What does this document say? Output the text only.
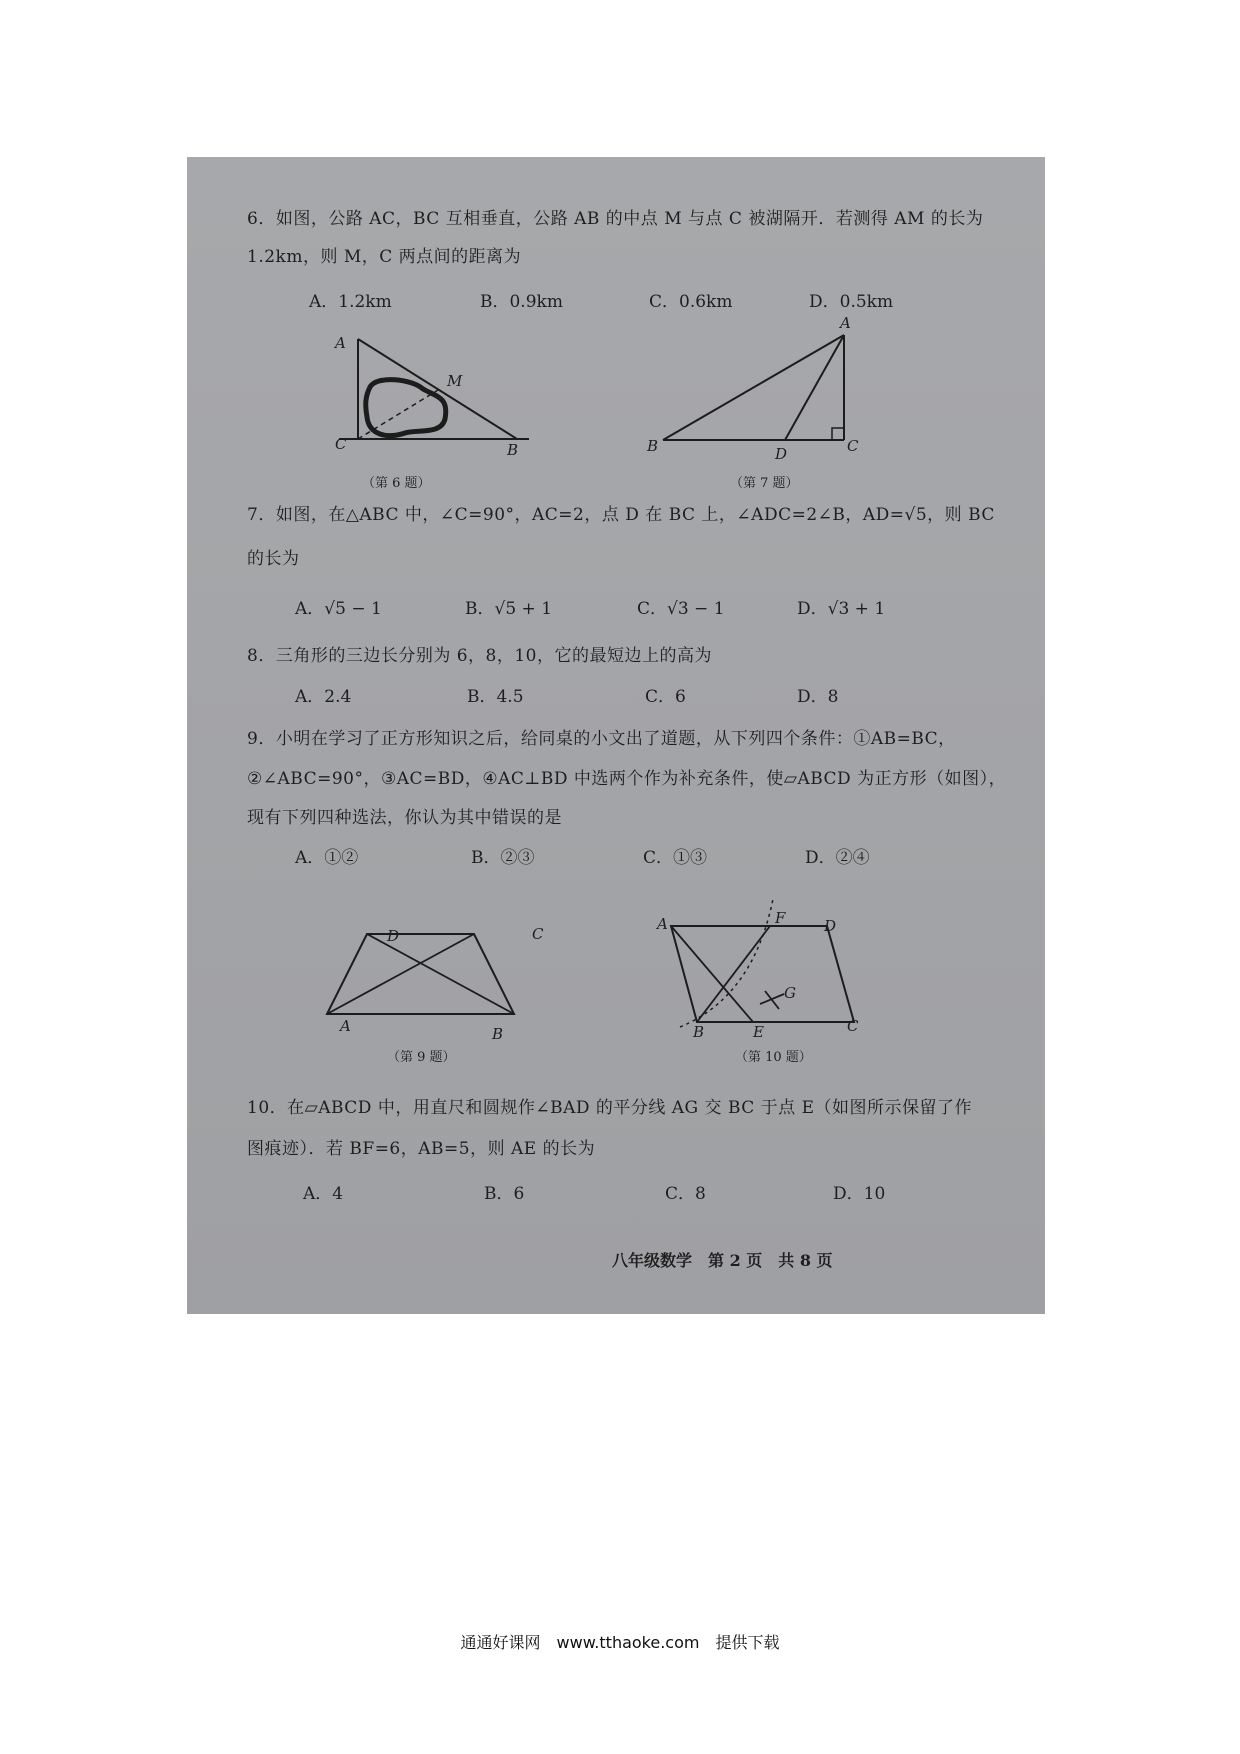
6．如图，公路 AC，BC 互相垂直，公路 AB 的中点 M 与点 C 被湖隔开．若测得 AM 的长为
1.2km，则 M，C 两点间的距离为
A．1.2km	B．0.9km	C．0.6km	D．0.5km
A
M
C	B
（第 6 题）
A
B	D	C
（第 7 题）
7．如图，在△ABC 中，∠C=90°，AC=2，点 D 在 BC 上，∠ADC=2∠B，AD=√5，则 BC
的长为
A．√5 − 1	B．√5 + 1	C．√3 − 1	D．√3 + 1
8．三角形的三边长分别为 6，8，10，它的最短边上的高为
A．2.4	B．4.5	C．6	D．8
9．小明在学习了正方形知识之后，给同桌的小文出了道题，从下列四个条件：①AB=BC，
②∠ABC=90°，③AC=BD，④AC⊥BD 中选两个作为补充条件，使▱ABCD 为正方形（如图），
现有下列四种选法，你认为其中错误的是
A．①②	B．②③	C．①③	D．②④
D	C
A	B
（第 9 题）
A	F	D
G
B	E	C
（第 10 题）
10．在▱ABCD 中，用直尺和圆规作∠BAD 的平分线 AG 交 BC 于点 E（如图所示保留了作
图痕迹）．若 BF=6，AB=5，则 AE 的长为
A．4	B．6	C．8	D．10
八年级数学　第 2 页　共 8 页
通通好课网　www.tthaoke.com　提供下载
